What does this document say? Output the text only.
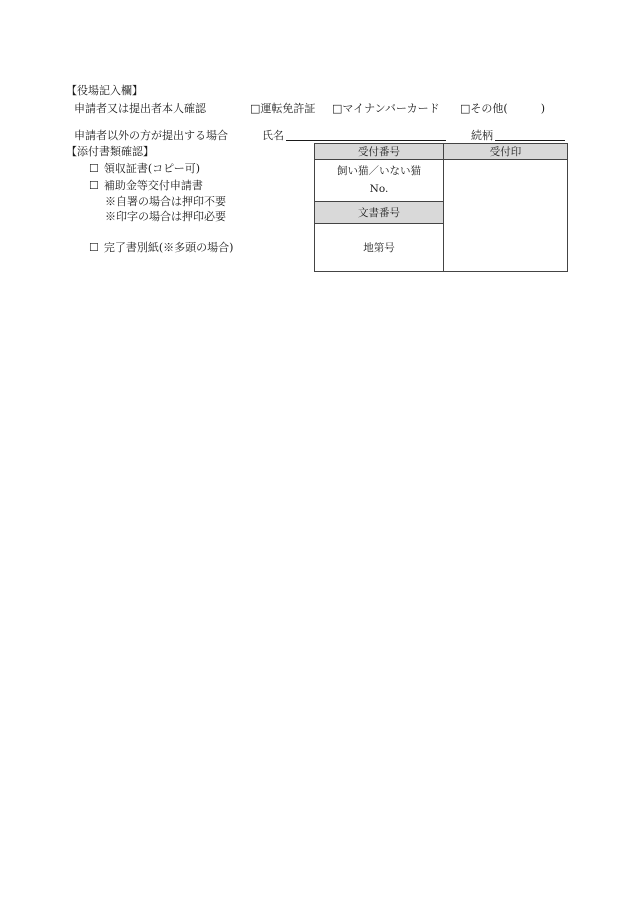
【役場記入欄】
申請者又は提出者本人確認	□運転免許証 □マイナンバーカード □その他(　　　)
申請者以外の方が提出する場合	氏名	続柄
【添付書類確認】
☐ 領収証書(コピー可)
☐ 補助金等交付申請書
※自署の場合は押印不要
※印字の場合は押印必要
☐ 完了書別紙(※多頭の場合)
受付番号	受付印

飼い猫／いない猫
No.	

文書番号	
地第号	
